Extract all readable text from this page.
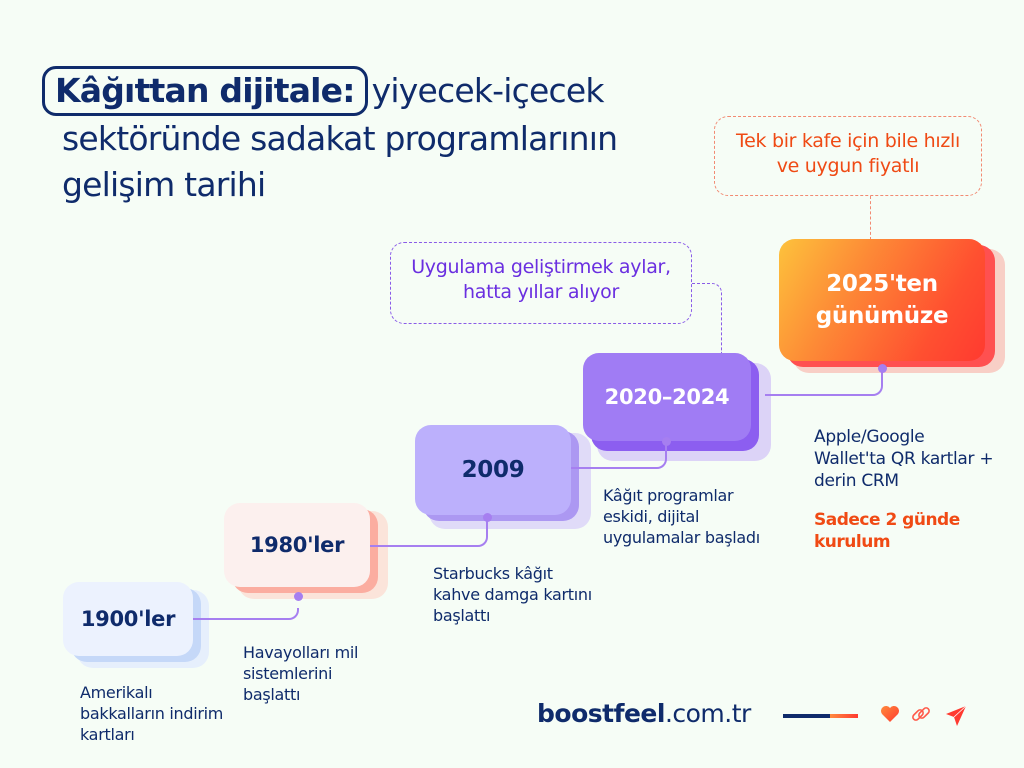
Kâğıttan dijitale: yiyecek-içecek
sektöründe sadakat programlarının
gelişim tarihi
Tek bir kafe için bile hızlı ve uygun fiyatlı
Uygulama geliştirmek aylar, hatta yıllar alıyor
1900'ler
Amerikalı bakkalların indirim kartları
1980'ler
Havayolları mil sistemlerini başlattı
2009
Starbucks kâğıt kahve damga kartını başlattı
2020–2024
Kâğıt programlar eskidi, dijital uygulamalar başladı
2025'ten günümüze
Apple/Google Wallet'ta QR kartlar + derin CRM
Sadece 2 günde kurulum
boostfeel.com.tr
